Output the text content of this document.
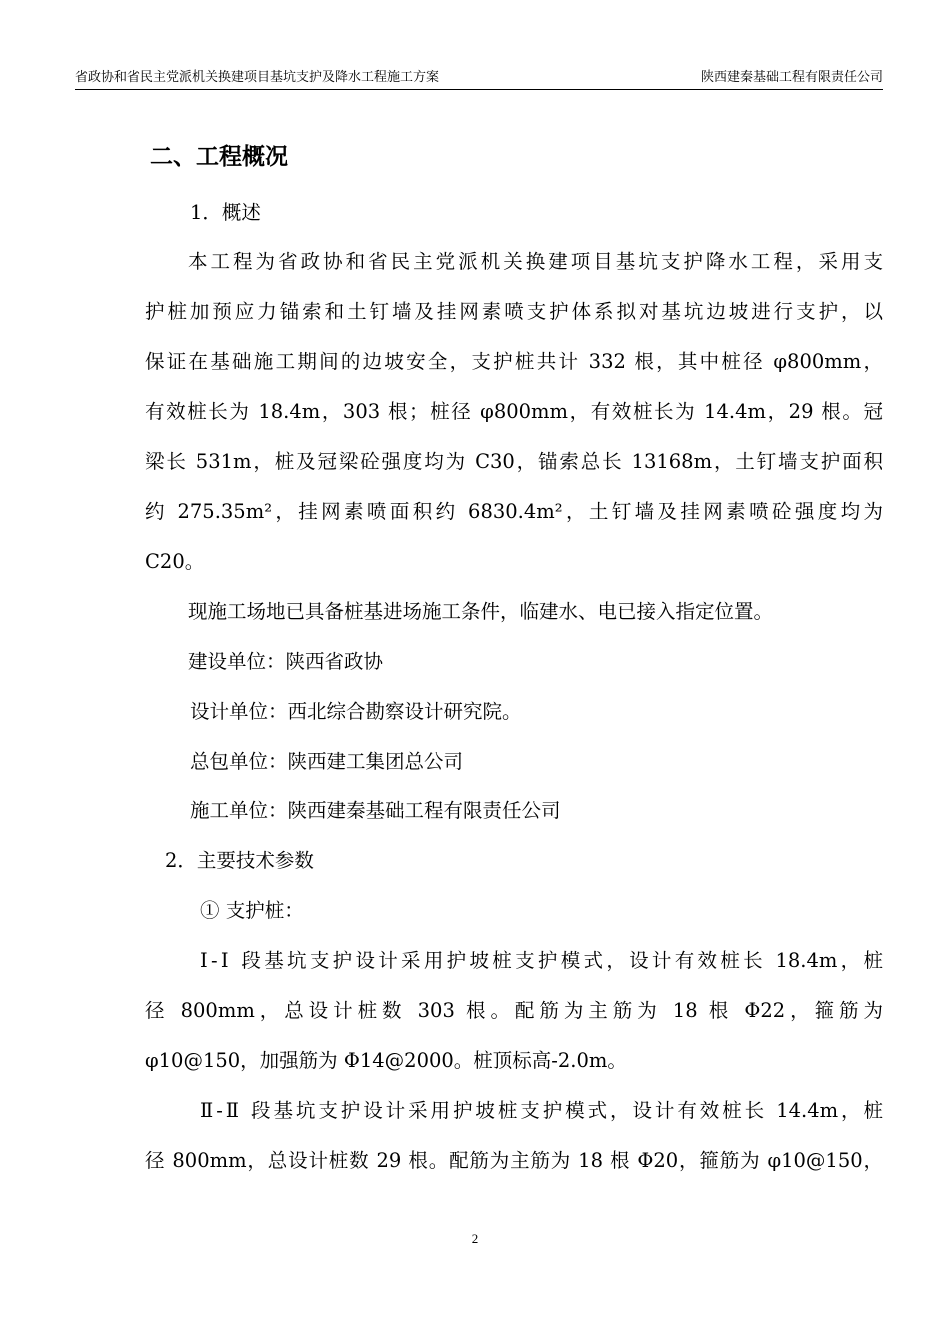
省政协和省民主党派机关换建项目基坑支护及降水工程施工方案	陕西建秦基础工程有限责任公司
二、工程概况
1．概述
本工程为省政协和省民主党派机关换建项目基坑支护降水工程，采用支
护桩加预应力锚索和土钉墙及挂网素喷支护体系拟对基坑边坡进行支护，以
保证在基础施工期间的边坡安全，支护桩共计 332 根，其中桩径 φ800mm，
有效桩长为 18.4m，303 根；桩径 φ800mm，有效桩长为 14.4m，29 根。冠
梁长 531m，桩及冠梁砼强度均为 C30，锚索总长 13168m，土钉墙支护面积
约 275.35m²，挂网素喷面积约 6830.4m²，土钉墙及挂网素喷砼强度均为
C20。
现施工场地已具备桩基进场施工条件，临建水、电已接入指定位置。
建设单位：陕西省政协
设计单位：西北综合勘察设计研究院。
总包单位：陕西建工集团总公司
施工单位：陕西建秦基础工程有限责任公司
2．主要技术参数
① 支护桩：
Ⅰ-Ⅰ 段基坑支护设计采用护坡桩支护模式，设计有效桩长 18.4m，桩
径 800mm，总设计桩数 303 根。配筋为主筋为 18 根 Φ22，箍筋为
φ10@150，加强筋为 Φ14@2000。桩顶标高-2.0m。
Ⅱ-Ⅱ 段基坑支护设计采用护坡桩支护模式，设计有效桩长 14.4m，桩
径 800mm，总设计桩数 29 根。配筋为主筋为 18 根 Φ20，箍筋为 φ10@150，
2
